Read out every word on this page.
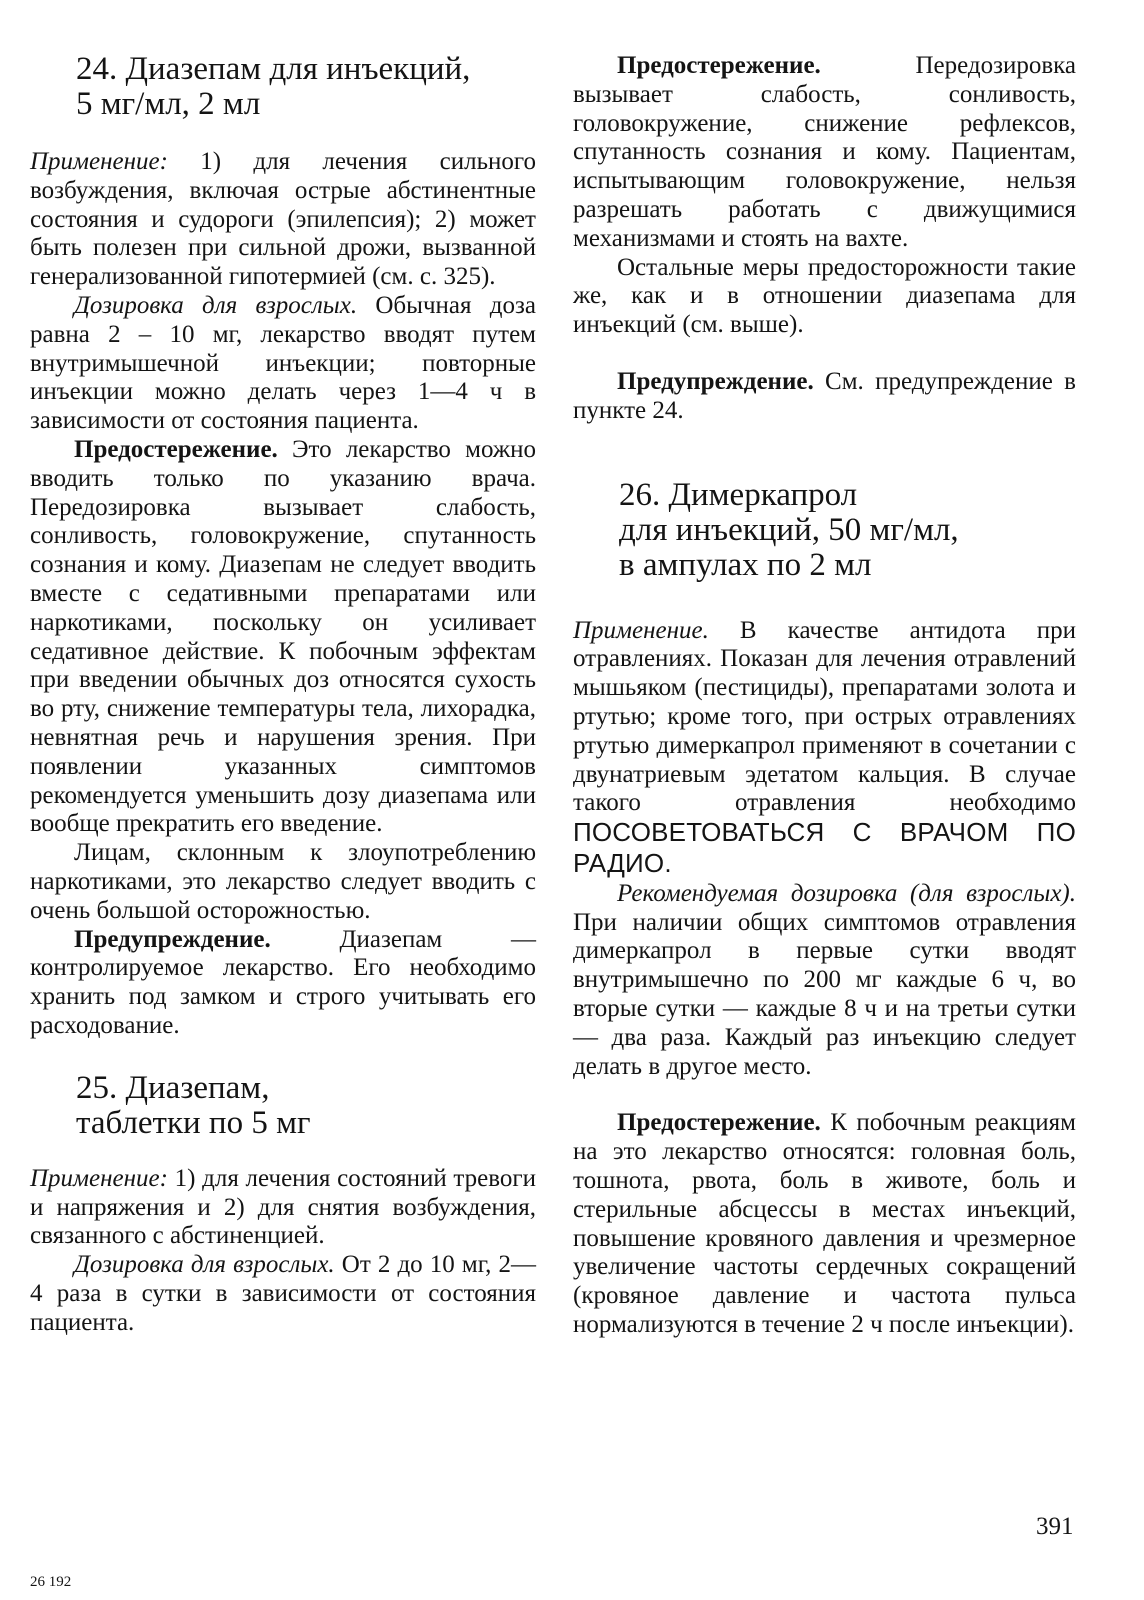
24. Диазепам для инъекций,
5 мг/мл, 2 мл

Применение: 1) для лечения сильного возбуждения, включая острые абстинентные состояния и судороги (эпилепсия); 2) может быть полезен при сильной дрожи, вызванной генерализованной гипотермией (см. с. 325).

Дозировка для взрослых. Обычная доза равна 2 – 10 мг, лекарство вводят путем внутримышечной инъекции; повторные инъекции можно делать через 1—4 ч в зависимости от состояния пациента.

Предостережение. Это лекарство можно вводить только по указанию врача. Передозировка вызывает слабость, сонливость, головокружение, спутанность сознания и кому. Диазепам не следует вводить вместе с седативными препаратами или наркотиками, поскольку он усиливает седативное действие. К побочным эффектам при введении обычных доз относятся сухость во рту, снижение температуры тела, лихорадка, невнятная речь и нарушения зрения. При появлении указанных симптомов рекомендуется уменьшить дозу диазепама или вообще прекратить его введение.

Лицам, склонным к злоупотреблению наркотиками, это лекарство следует вводить с очень большой осторожностью.

Предупреждение. Диазепам — контролируемое лекарство. Его необходимо хранить под замком и строго учитывать его расходование.

25. Диазепам,
таблетки по 5 мг

Применение: 1) для лечения состояний тревоги и напряжения и 2) для снятия возбуждения, связанного с абстиненцией.

Дозировка для взрослых. От 2 до 10 мг, 2—4 раза в сутки в зависимости от состояния пациента.

Предостережение. Передозировка вызывает слабость, сонливость, головокружение, снижение рефлексов, спутанность сознания и кому. Пациентам, испытывающим головокружение, нельзя разрешать работать с движущимися механизмами и стоять на вахте.

Остальные меры предосторожности такие же, как и в отношении диазепама для инъекций (см. выше).

Предупреждение. См. предупреждение в пункте 24.

26. Димеркапрол
для инъекций, 50 мг/мл,
в ампулах по 2 мл

Применение. В качестве антидота при отравлениях. Показан для лечения отравлений мышьяком (пестициды), препаратами золота и ртутью; кроме того, при острых отравлениях ртутью димеркапрол применяют в сочетании с двунатриевым эдетатом кальция. В случае такого отравления необходимо ПОСОВЕТОВАТЬСЯ С ВРАЧОМ ПО РАДИО.

Рекомендуемая дозировка (для взрослых). При наличии общих симптомов отравления димеркапрол в первые сутки вводят внутримышечно по 200 мг каждые 6 ч, во вторые сутки — каждые 8 ч и на третьи сутки — два раза. Каждый раз инъекцию следует делать в другое место.

Предостережение. К побочным реакциям на это лекарство относятся: головная боль, тошнота, рвота, боль в животе, боль и стерильные абсцессы в местах инъекций, повышение кровяного давления и чрезмерное увеличение частоты сердечных сокращений (кровяное давление и частота пульса нормализуются в течение 2 ч после инъекции).

391
26 192
